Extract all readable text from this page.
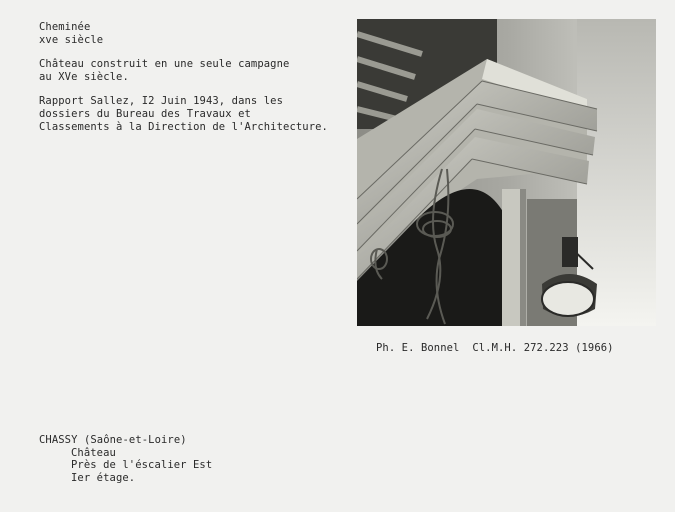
Cheminée
xve siècle
Château construit en une seule campagne
au XVe siècle.
Rapport Sallez, I2 Juin 1943, dans les
dossiers du Bureau des Travaux et
Classements à la Direction de l'Architecture.
Ph. E. Bonnel  Cl.M.H. 272.223 (1966)
CHASSY (Saône-et-Loire)
Château
Près de l'éscalier Est
Ier étage.
